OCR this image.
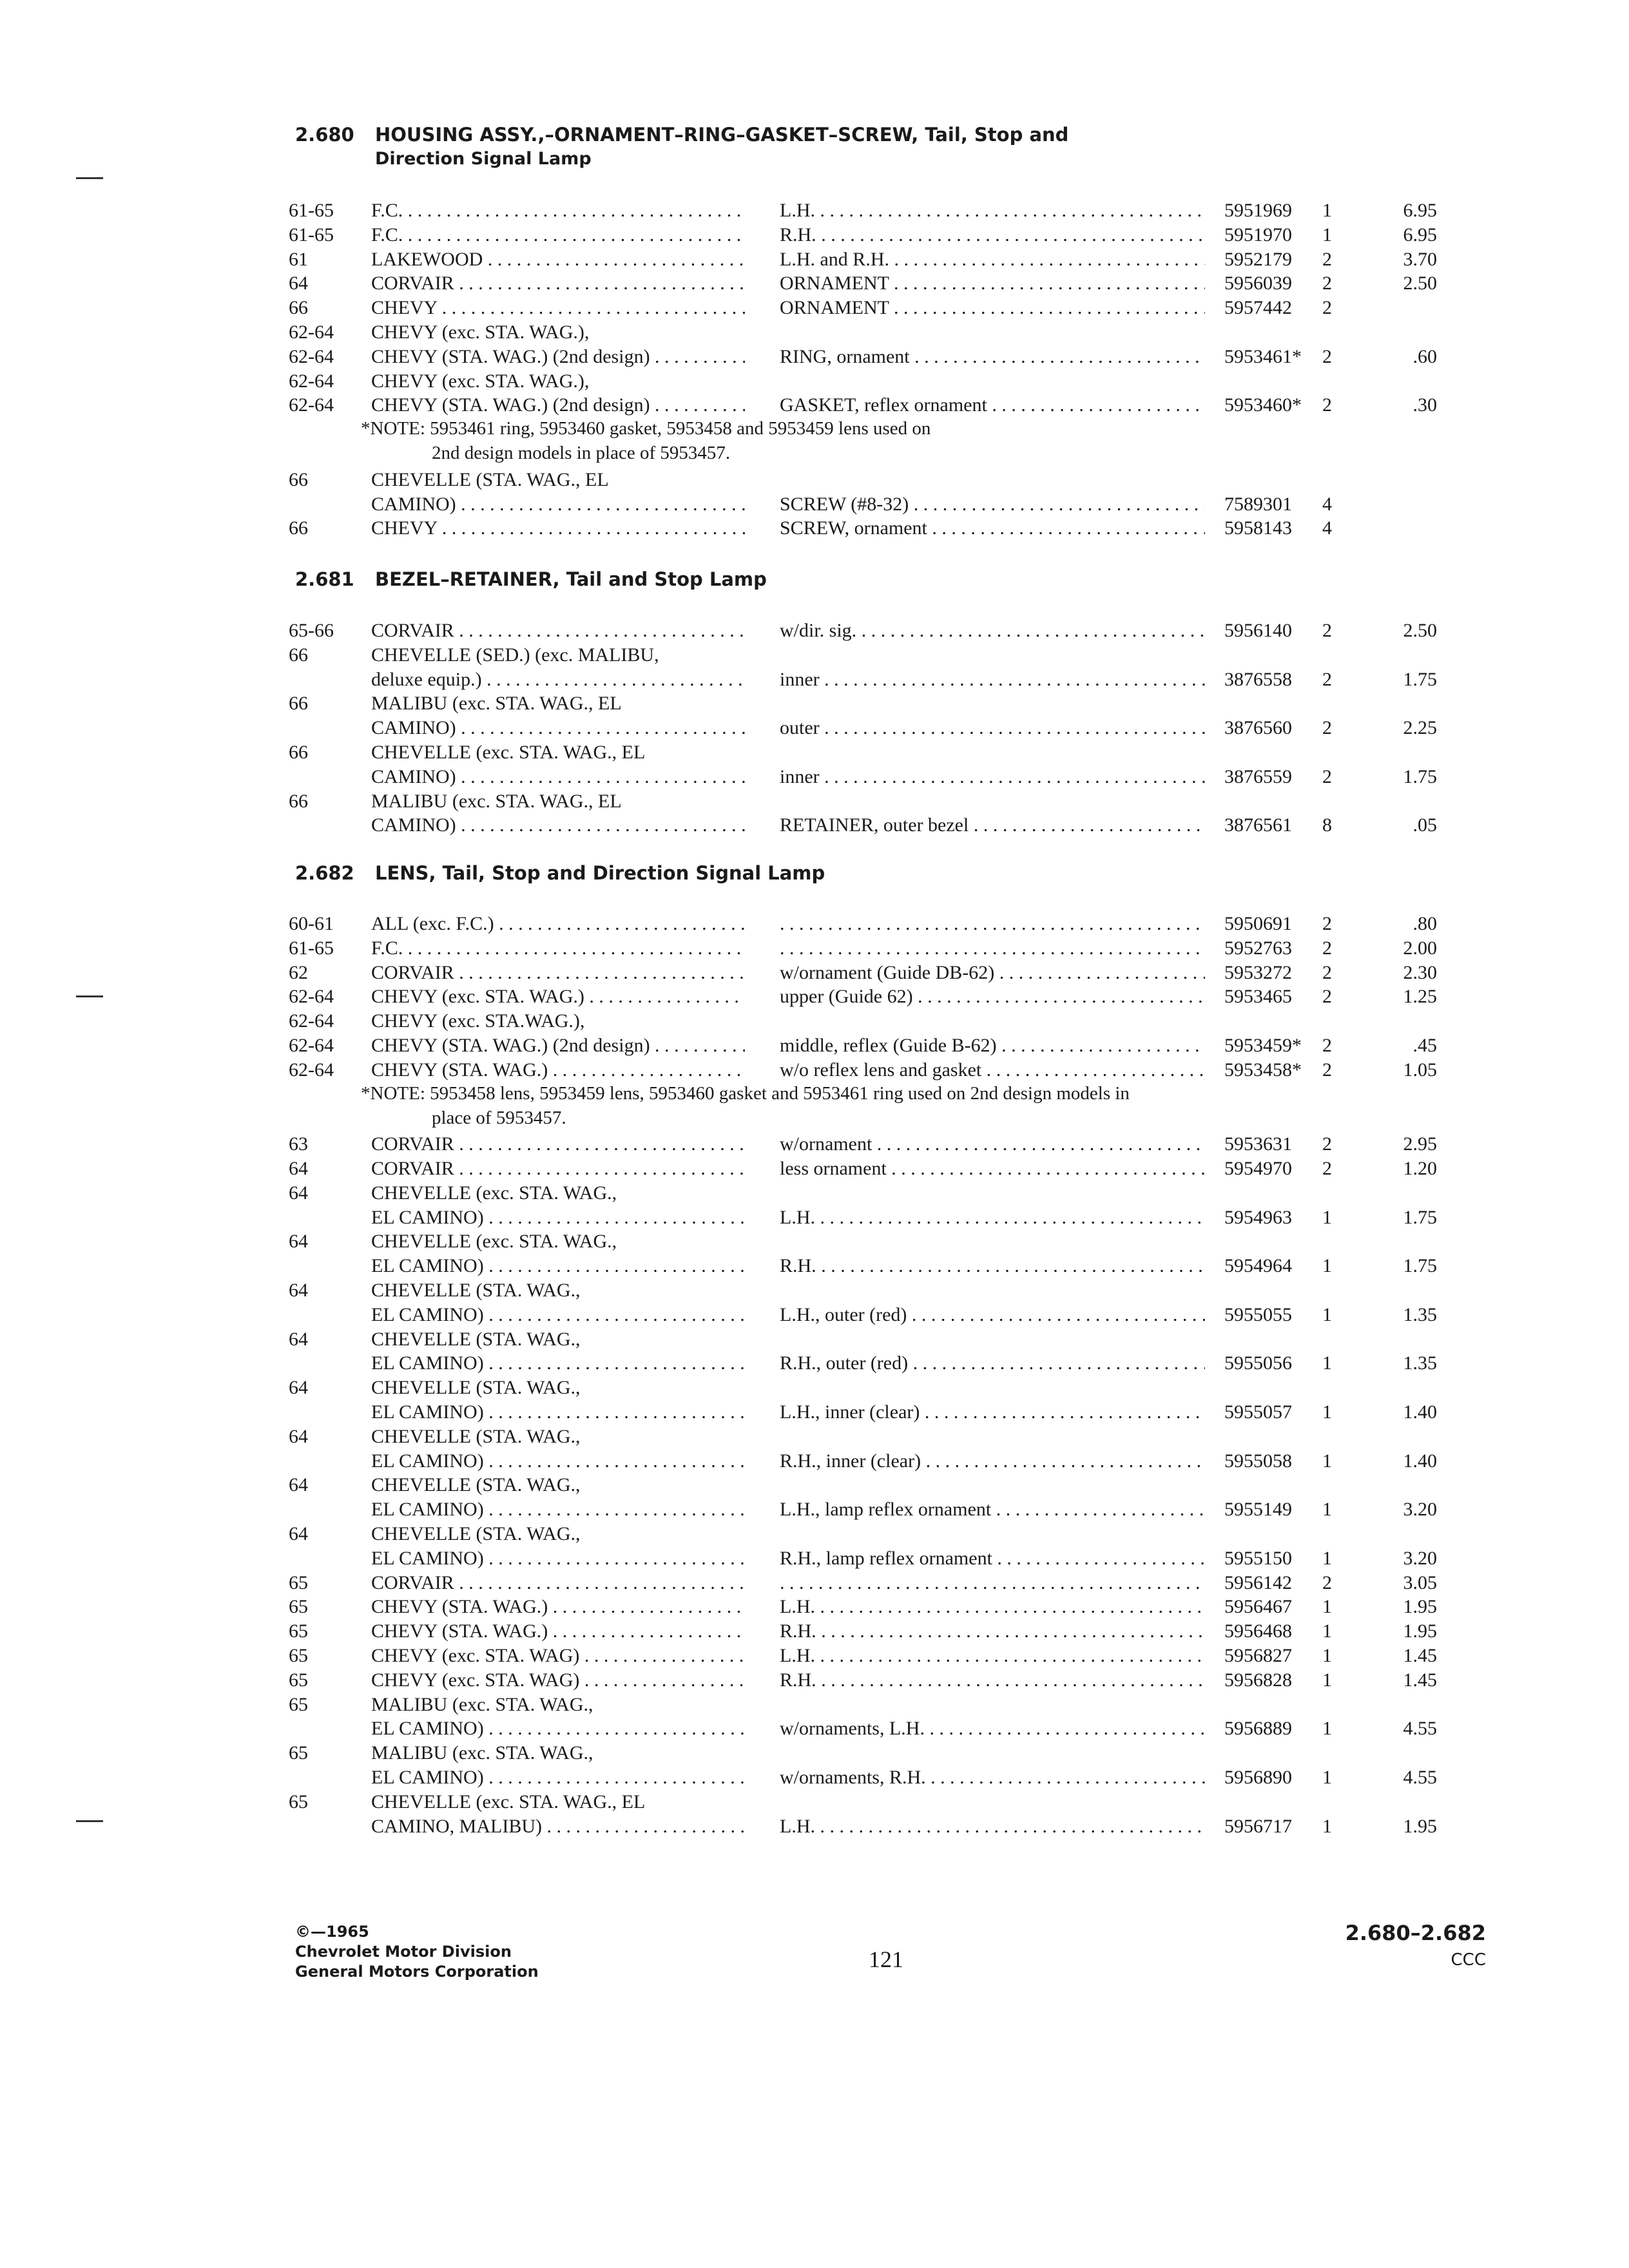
2.680 HOUSING ASSY.,–ORNAMENT–RING–GASKET–SCREW, Tail, Stop and
Direction Signal Lamp
61-65 F.C. . . .	L.H. . . .	5951969 1	6.95
61-65 F.C. . . .	R.H. . . .	5951970 1	6.95
61	LAKEWOOD . . .	L.H. and R.H. . . .	5952179 2	3.70
64	CORVAIR . . .	ORNAMENT . . .	5956039 2	2.50
66	CHEVY . . .	ORNAMENT . . .	5957442 2
62-64 CHEVY (exc. STA. WAG.),
62-64 CHEVY (STA. WAG.) (2nd design) . . . . .	RING, ornament . . .	5953461* 2	.60
62-64 CHEVY (exc. STA. WAG.),
62-64 CHEVY (STA. WAG.) (2nd design) . . . . .	GASKET, reflex ornament . . .	5953460* 2	.30
*NOTE: 5953461 ring, 5953460 gasket, 5953458 and 5953459 lens used on
2nd design models in place of 5953457.
66	CHEVELLE (STA. WAG., EL
CAMINO) . . .	SCREW (#8-32) . . .	7589301 4
66	CHEVY . . .	SCREW, ornament . . .	5958143 4
2.681 BEZEL–RETAINER, Tail and Stop Lamp
65-66 CORVAIR . . .	w/dir. sig. . . .	5956140 2	2.50
66	CHEVELLE (SED.) (exc. MALIBU,
deluxe equip.) . . .	inner . . .	3876558 2	1.75
66	MALIBU (exc. STA. WAG., EL
CAMINO) . . .	outer . . .	3876560 2	2.25
66	CHEVELLE (exc. STA. WAG., EL
CAMINO) . . .	inner . . .	3876559 2	1.75
66	MALIBU (exc. STA. WAG., EL
CAMINO) . . .	RETAINER, outer bezel . . .	3876561 8	.05
2.682 LENS, Tail, Stop and Direction Signal Lamp
60-61 ALL (exc. F.C.) . . . . . .	5950691 2	.80
61-65 F.C. . . . . . .	5952763 2	2.00
62	CORVAIR . . .	w/ornament (Guide DB-62) . . .	5953272 2	2.30
62-64 CHEVY (exc. STA. WAG.) . . .	upper (Guide 62) . . .	5953465 2	1.25
62-64 CHEVY (exc. STA.WAG.),
62-64 CHEVY (STA. WAG.) (2nd design) . . . . .	middle, reflex (Guide B-62) . . .	5953459* 2	.45
62-64 CHEVY (STA. WAG.) . . .	w/o reflex lens and gasket . . .	5953458* 2	1.05
*NOTE: 5953458 lens, 5953459 lens, 5953460 gasket and 5953461 ring used on 2nd design models in
place of 5953457.
63	CORVAIR . . .	w/ornament . . .	5953631 2	2.95
64	CORVAIR . . .	less ornament . . .	5954970 2	1.20
64	CHEVELLE (exc. STA. WAG.,
EL CAMINO) . . .	L.H. . . .	5954963 1	1.75
64	CHEVELLE (exc. STA. WAG.,
EL CAMINO) . . .	R.H. . . .	5954964 1	1.75
64	CHEVELLE (STA. WAG.,
EL CAMINO) . . .	L.H., outer (red) . . .	5955055 1	1.35
64	CHEVELLE (STA. WAG.,
EL CAMINO) . . .	R.H., outer (red) . . .	5955056 1	1.35
64	CHEVELLE (STA. WAG.,
EL CAMINO) . . .	L.H., inner (clear) . . .	5955057 1	1.40
64	CHEVELLE (STA. WAG.,
EL CAMINO) . . .	R.H., inner (clear) . . .	5955058 1	1.40
64	CHEVELLE (STA. WAG.,
EL CAMINO) . . .	L.H., lamp reflex ornament . . .	5955149 1	3.20
64	CHEVELLE (STA. WAG.,
EL CAMINO) . . .	R.H., lamp reflex ornament . . .	5955150 1	3.20
65	CORVAIR . . . . . .	5956142 2	3.05
65	CHEVY (STA. WAG.) . . .	L.H. . . .	5956467 1	1.95
65	CHEVY (STA. WAG.) . . .	R.H. . . .	5956468 1	1.95
65	CHEVY (exc. STA. WAG) . . .	L.H. . . .	5956827 1	1.45
65	CHEVY (exc. STA. WAG) . . .	R.H. . . .	5956828 1	1.45
65	MALIBU (exc. STA. WAG.,
EL CAMINO) . . .	w/ornaments, L.H. . . .	5956889 1	4.55
65	MALIBU (exc. STA. WAG.,
EL CAMINO) . . .	w/ornaments, R.H. . . .	5956890 1	4.55
65	CHEVELLE (exc. STA. WAG., EL
CAMINO, MALIBU) . . .	L.H. . . .	5956717 1	1.95
©—1965
Chevrolet Motor Division
General Motors Corporation	121
2.680–2.682
CCC
